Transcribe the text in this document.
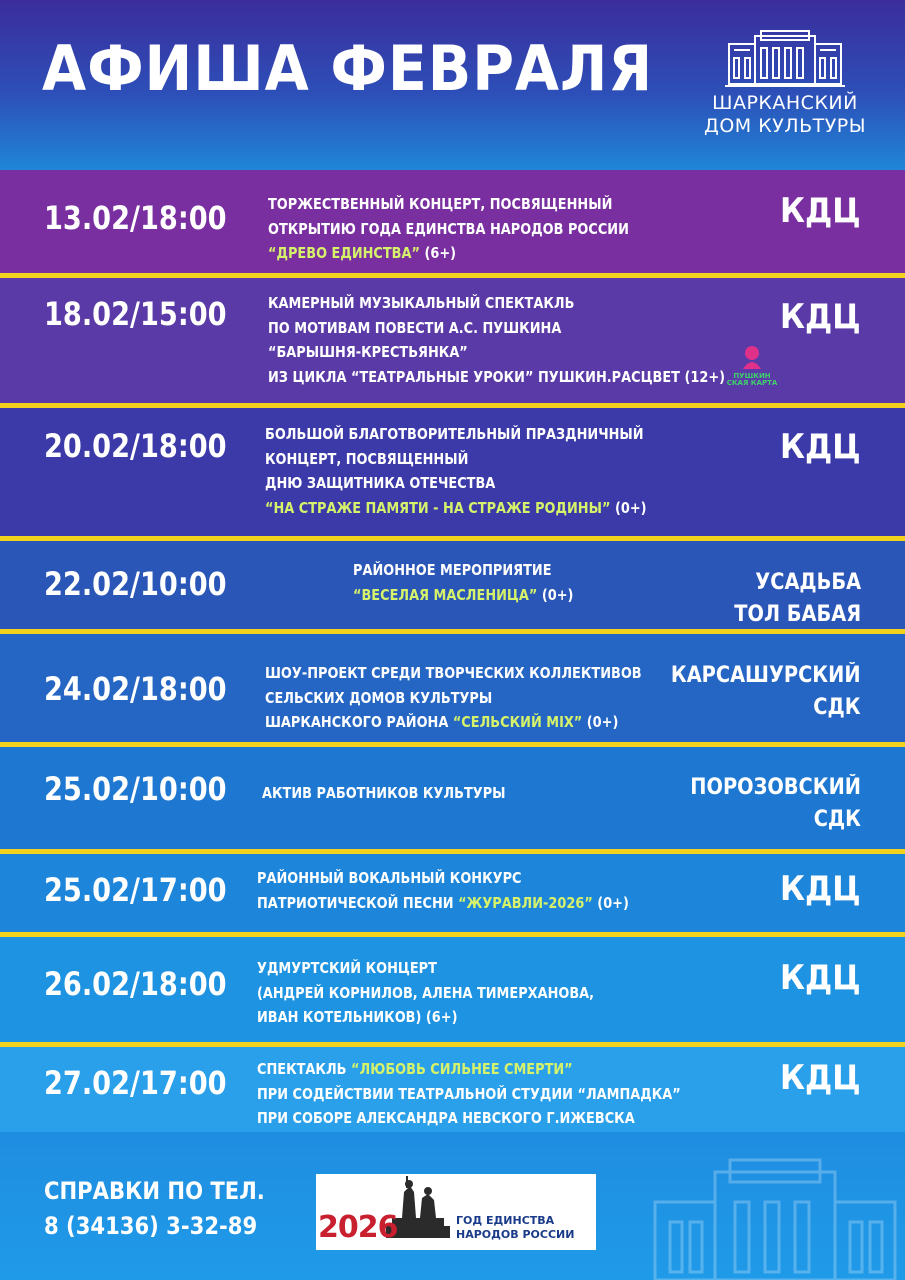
АФИША ФЕВРАЛЯ	ШАРКАНСКИЙ
ДОМ КУЛЬТУРЫ
13.02/18:00	ТОРЖЕСТВЕННЫЙ КОНЦЕРТ, ПОСВЯЩЕННЫЙ
ОТКРЫТИЮ ГОДА ЕДИНСТВА НАРОДОВ РОССИИ
“ДРЕВО ЕДИНСТВА” (6+)
КДЦ
18.02/15:00	КАМЕРНЫЙ МУЗЫКАЛЬНЫЙ СПЕКТАКЛЬ
ПО МОТИВАМ ПОВЕСТИ А.С. ПУШКИНА
“БАРЫШНЯ-КРЕСТЬЯНКА”
ИЗ ЦИКЛА “ТЕАТРАЛЬНЫЕ УРОКИ” ПУШКИН.РАСЦВЕТ (12+)
КДЦ
20.02/18:00	БОЛЬШОЙ БЛАГОТВОРИТЕЛЬНЫЙ ПРАЗДНИЧНЫЙ
КОНЦЕРТ, ПОСВЯЩЕННЫЙ
ДНЮ ЗАЩИТНИКА ОТЕЧЕСТВА
“НА СТРАЖЕ ПАМЯТИ - НА СТРАЖЕ РОДИНЫ” (0+)
КДЦ
22.02/10:00	РАЙОННОЕ МЕРОПРИЯТИЕ
“ВЕСЕЛАЯ МАСЛЕНИЦА” (0+)	УСАДЬБА
ТОЛ БАБАЯ
24.02/18:00	ШОУ-ПРОЕКТ СРЕДИ ТВОРЧЕСКИХ КОЛЛЕКТИВОВ
СЕЛЬСКИХ ДОМОВ КУЛЬТУРЫ
ШАРКАНСКОГО РАЙОНА “СЕЛЬСКИЙ MIX” (0+)
КАРСАШУРСКИЙ
СДК
25.02/10:00 АКТИВ РАБОТНИКОВ КУЛЬТУРЫ	ПОРОЗОВСКИЙ
СДК
25.02/17:00 РАЙОННЫЙ ВОКАЛЬНЫЙ КОНКУРС
ПАТРИОТИЧЕСКОЙ ПЕСНИ “ЖУРАВЛИ-2026” (0+)	КДЦ
26.02/18:00 УДМУРТСКИЙ КОНЦЕРТ
(АНДРЕЙ КОРНИЛОВ, АЛЕНА ТИМЕРХАНОВА,
ИВАН КОТЕЛЬНИКОВ) (6+)
КДЦ
27.02/17:00 СПЕКТАКЛЬ “ЛЮБОВЬ СИЛЬНЕЕ СМЕРТИ”
ПРИ СОДЕЙСТВИИ ТЕАТРАЛЬНОЙ СТУДИИ “ЛАМПАДКА”
ПРИ СОБОРЕ АЛЕКСАНДРА НЕВСКОГО Г.ИЖЕВСКА
КДЦ
ПУШКИН СКАЯ КАРТА
СПРАВКИ ПО ТЕЛ.
8 (34136) 3-32-89 2026	ГОД ЕДИНСТВА
НАРОДОВ РОССИИ
